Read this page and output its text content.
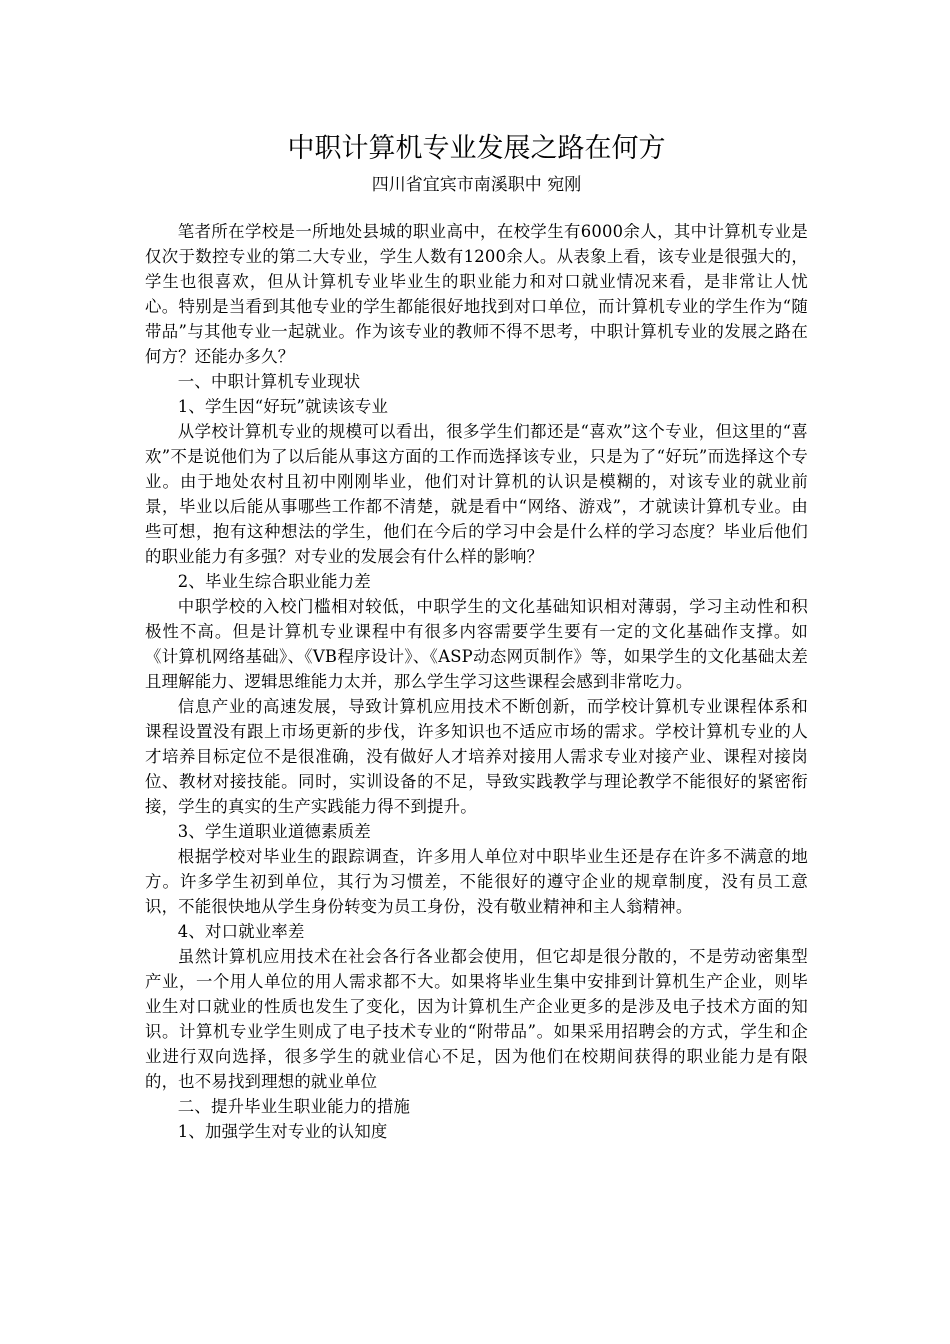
中职计算机专业发展之路在何方
四川省宜宾市南溪职中 宛刚

笔者所在学校是一所地处县城的职业高中，在校学生有6000余人，其中计算机专业是仅次于数控专业的第二大专业，学生人数有1200余人。从表象上看，该专业是很强大的，学生也很喜欢，但从计算机专业毕业生的职业能力和对口就业情况来看，是非常让人忧心。特别是当看到其他专业的学生都能很好地找到对口单位，而计算机专业的学生作为“随带品”与其他专业一起就业。作为该专业的教师不得不思考，中职计算机专业的发展之路在何方？还能办多久？

一、中职计算机专业现状

1、学生因“好玩”就读该专业

从学校计算机专业的规模可以看出，很多学生们都还是“喜欢”这个专业，但这里的“喜欢”不是说他们为了以后能从事这方面的工作而选择该专业，只是为了“好玩”而选择这个专业。由于地处农村且初中刚刚毕业，他们对计算机的认识是模糊的，对该专业的就业前景，毕业以后能从事哪些工作都不清楚，就是看中“网络、游戏”，才就读计算机专业。由些可想，抱有这种想法的学生，他们在今后的学习中会是什么样的学习态度？毕业后他们的职业能力有多强？对专业的发展会有什么样的影响？

2、毕业生综合职业能力差

中职学校的入校门槛相对较低，中职学生的文化基础知识相对薄弱，学习主动性和积极性不高。但是计算机专业课程中有很多内容需要学生要有一定的文化基础作支撑。如《计算机网络基础》、《VB程序设计》、《ASP动态网页制作》等，如果学生的文化基础太差且理解能力、逻辑思维能力太并，那么学生学习这些课程会感到非常吃力。

信息产业的高速发展，导致计算机应用技术不断创新，而学校计算机专业课程体系和课程设置没有跟上市场更新的步伐，许多知识也不适应市场的需求。学校计算机专业的人才培养目标定位不是很准确，没有做好人才培养对接用人需求专业对接产业、课程对接岗位、教材对接技能。同时，实训设备的不足，导致实践教学与理论教学不能很好的紧密衔接，学生的真实的生产实践能力得不到提升。

3、学生道职业道德素质差

根据学校对毕业生的跟踪调查，许多用人单位对中职毕业生还是存在许多不满意的地方。许多学生初到单位，其行为习惯差，不能很好的遵守企业的规章制度，没有员工意识，不能很快地从学生身份转变为员工身份，没有敬业精神和主人翁精神。

4、对口就业率差

虽然计算机应用技术在社会各行各业都会使用，但它却是很分散的，不是劳动密集型产业，一个用人单位的用人需求都不大。如果将毕业生集中安排到计算机生产企业，则毕业生对口就业的性质也发生了变化，因为计算机生产企业更多的是涉及电子技术方面的知识。计算机专业学生则成了电子技术专业的“附带品”。如果采用招聘会的方式，学生和企业进行双向选择，很多学生的就业信心不足，因为他们在校期间获得的职业能力是有限的，也不易找到理想的就业单位

二、提升毕业生职业能力的措施

1、加强学生对专业的认知度
